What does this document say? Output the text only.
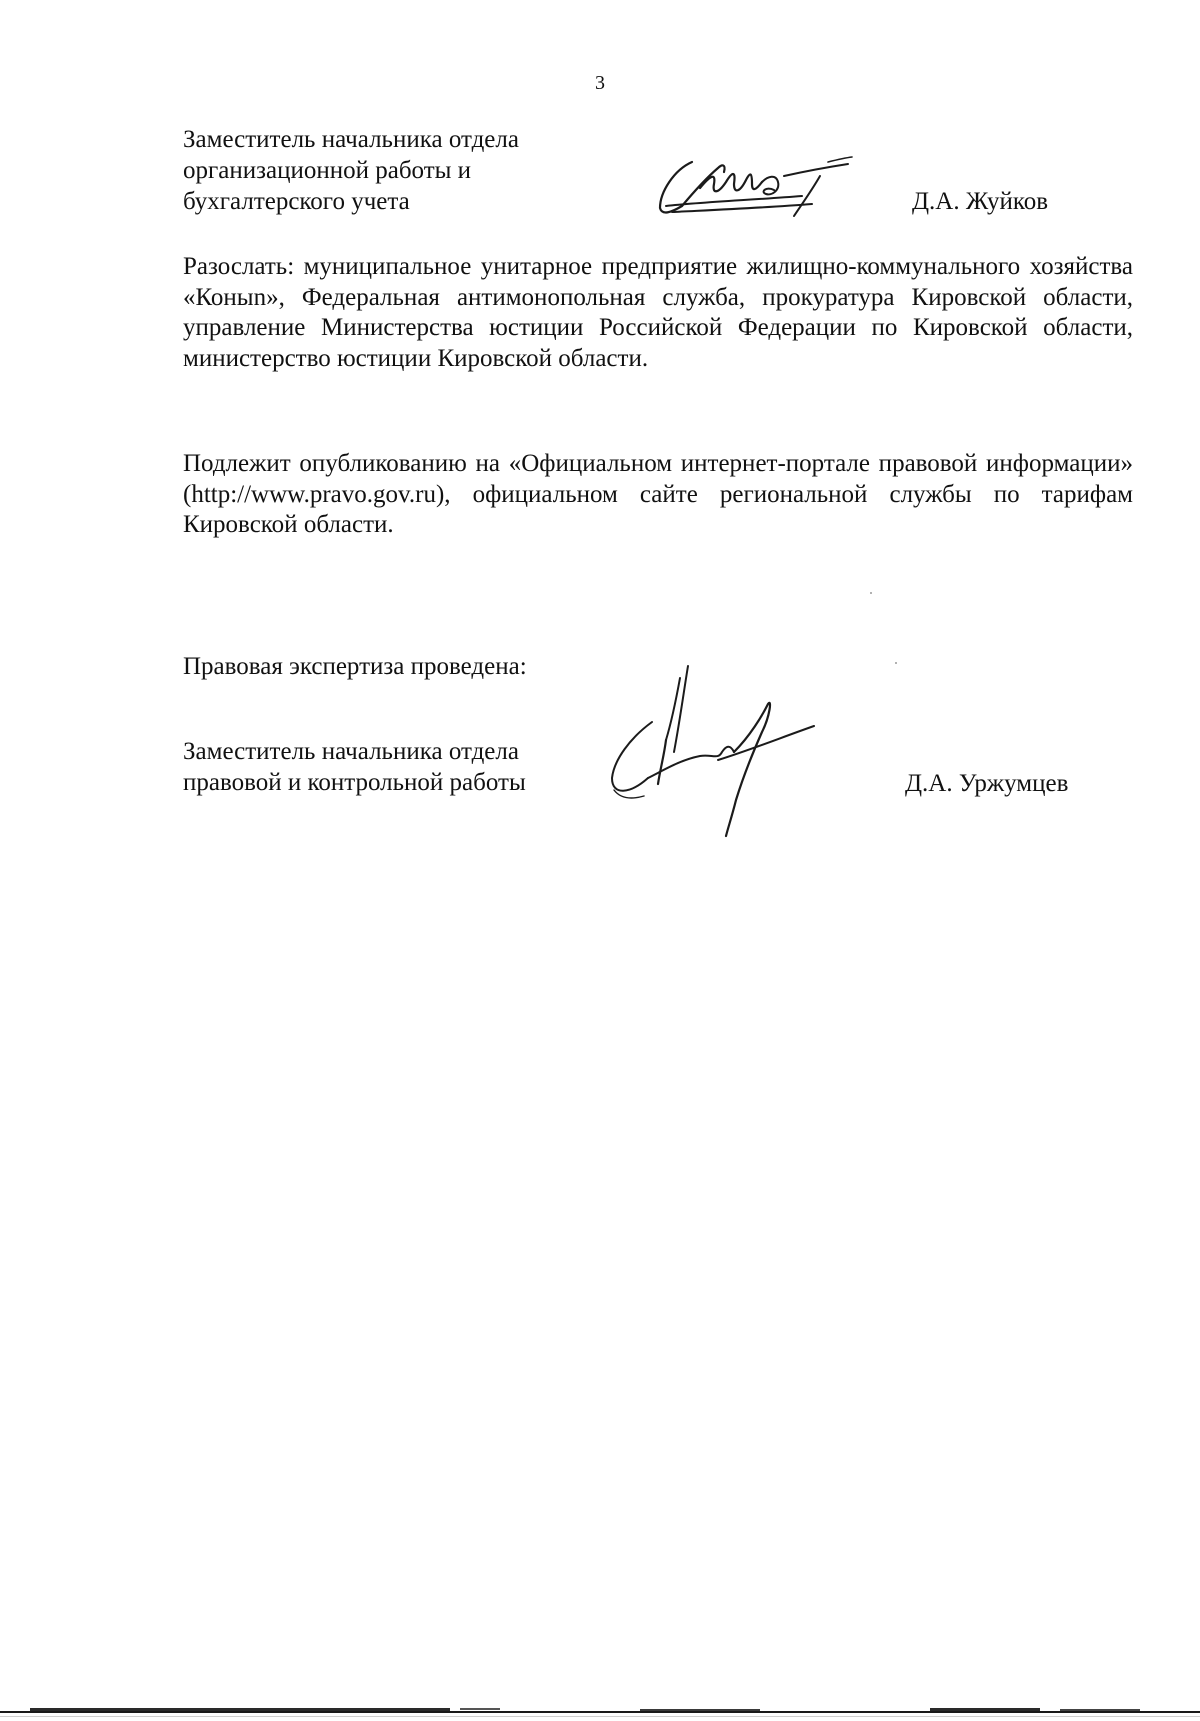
3
Заместитель начальника отдела
организационной работы и
бухгалтерского учета	Д.А. Жуйков
Разослать: муниципальное унитарное предприятие жилищно-коммунального хозяйства «Коныn», Федеральная антимонопольная служба, прокуратура Кировской области, управление Министерства юстиции Российской Федерации по Кировской области, министерство юстиции Кировской области.
Подлежит опубликованию на «Официальном интернет-портале правовой информации» (http://www.pravo.gov.ru), официальном сайте региональной службы по тарифам Кировской области.
Правовая экспертиза проведена:
Заместитель начальника отдела
правовой и контрольной работы	Д.А. Уржумцев
